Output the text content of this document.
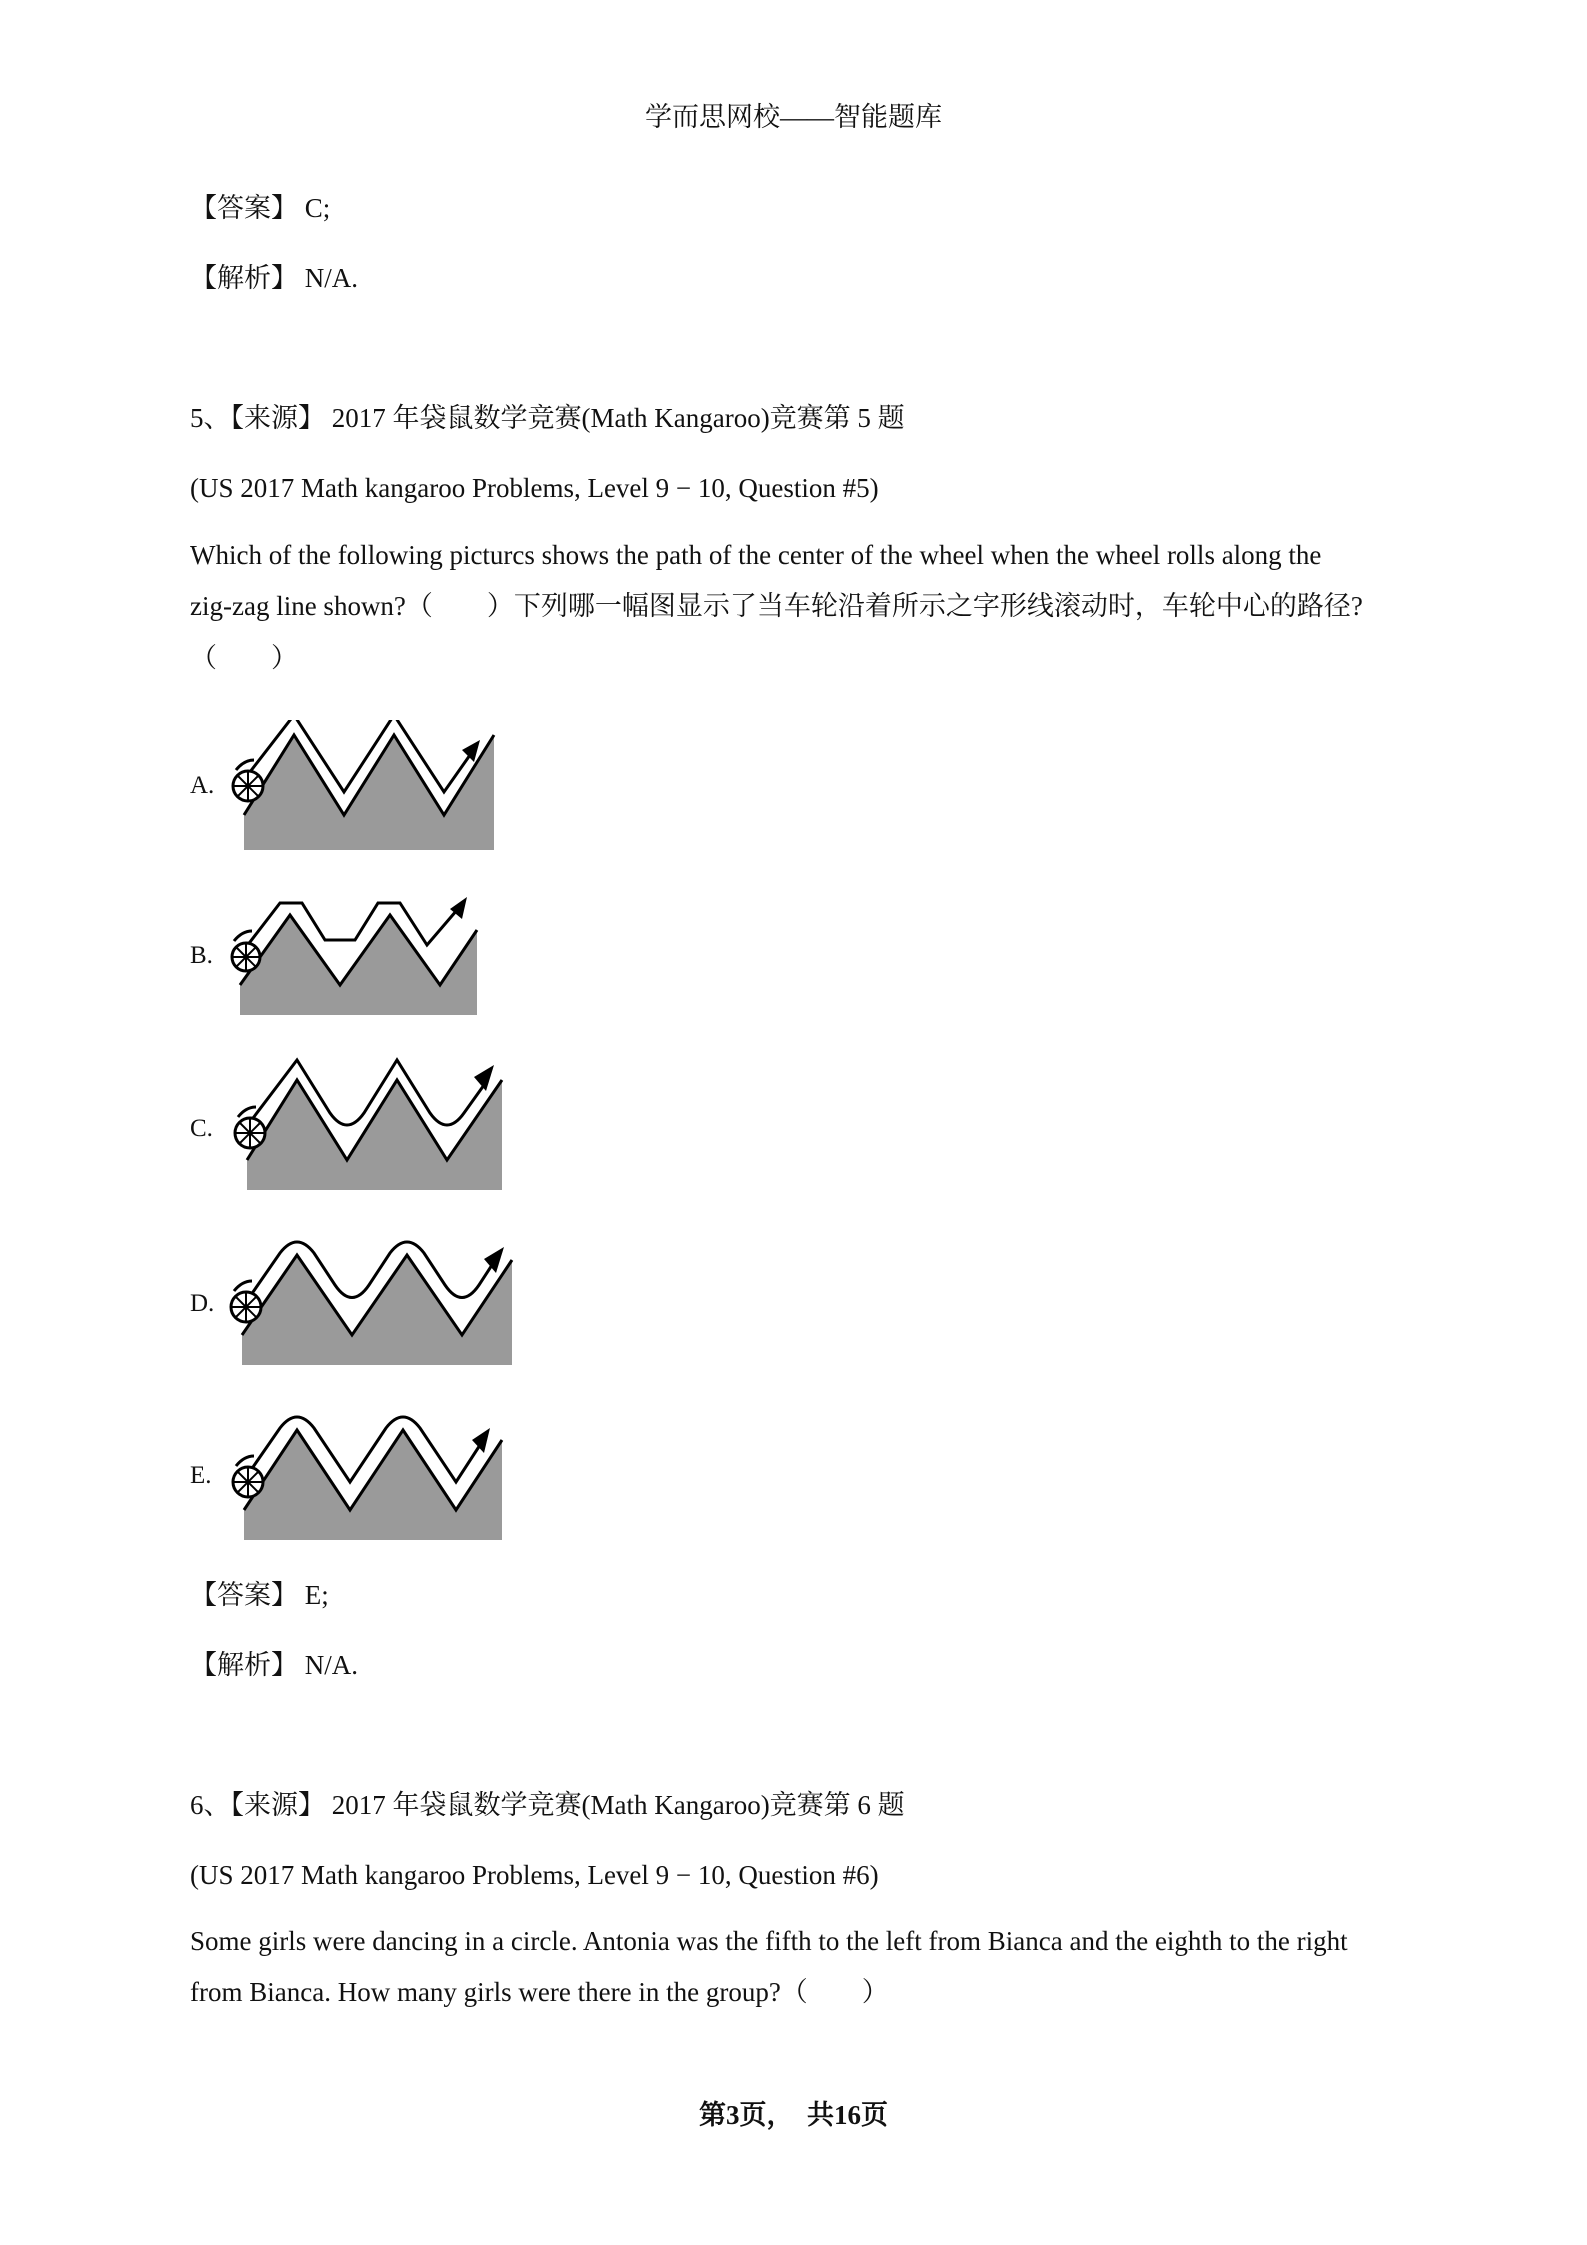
学而思网校——智能题库
【答案】 C;
【解析】 N/A.
5、【来源】 2017 年袋鼠数学竞赛(Math Kangaroo)竞赛第 5 题
(US 2017 Math kangaroo Problems, Level 9 − 10, Question #5)
Which of the following picturcs shows the path of the center of the wheel when the wheel rolls along the
zig-zag line shown?（　　）下列哪一幅图显示了当车轮沿着所示之字形线滚动时，车轮中心的路径?
（　　）
A.
B.
C.
D.
E.
【答案】 E;
【解析】 N/A.
6、【来源】 2017 年袋鼠数学竞赛(Math Kangaroo)竞赛第 6 题
(US 2017 Math kangaroo Problems, Level 9 − 10, Question #6)
Some girls were dancing in a circle. Antonia was the fifth to the left from Bianca and the eighth to the right
from Bianca. How many girls were there in the group?（　　）
第3页，　共16页
